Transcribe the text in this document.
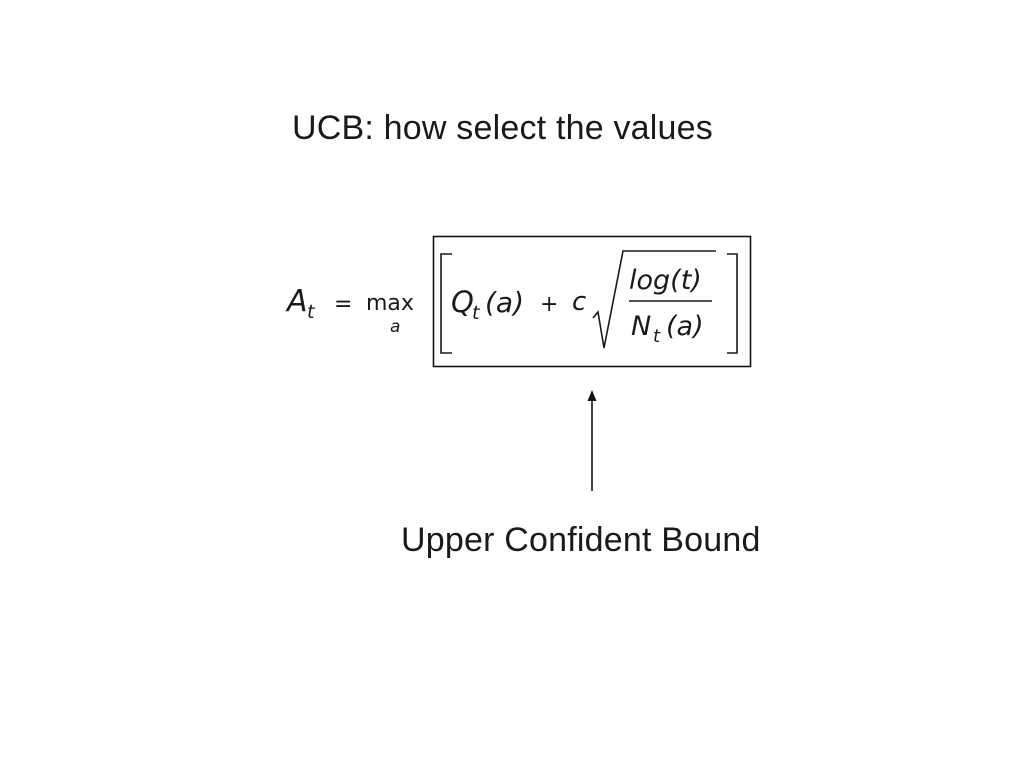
UCB: how select the values
A t = max
a
Q
t (a) + c
log(t)
N t (a)
Upper Confident Bound
